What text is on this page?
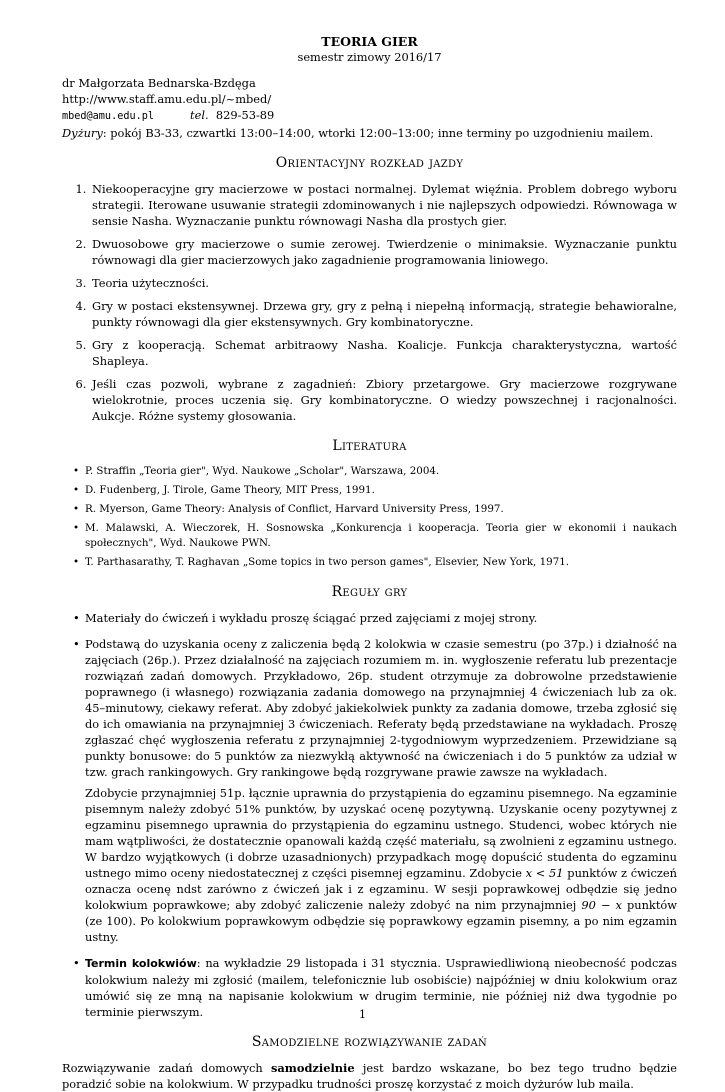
TEORIA GIER

semestr zimowy 2016/17

dr Małgorzata Bednarska-Bzdęga

http://www.staff.amu.edu.pl/~mbed/

mbed@amu.edu.pl	tel. 829-53-89

Dyżury: pokój B3-33, czwartki 13:00–14:00, wtorki 12:00–13:00; inne terminy po uzgodnieniu mailem.

Orientacyjny rozkład jazdy
1. Niekooperacyjne gry macierzowe w postaci normalnej. Dylemat więźnia. Problem dobrego wyboru strategii. Iterowane usuwanie strategii zdominowanych i nie najlepszych odpowiedzi. Równowaga w sensie Nasha. Wyznaczanie punktu równowagi Nasha dla prostych gier.
2. Dwuosobowe gry macierzowe o sumie zerowej. Twierdzenie o minimaksie. Wyznaczanie punktu równowagi dla gier macierzowych jako zagadnienie programowania liniowego.
3. Teoria użyteczności.
4. Gry w postaci ekstensywnej. Drzewa gry, gry z pełną i niepełną informacją, strategie behawioralne, punkty równowagi dla gier ekstensywnych. Gry kombinatoryczne.
5. Gry z kooperacją. Schemat arbitraowy Nasha. Koalicje. Funkcja charakterystyczna, wartość Shapleya.
6. Jeśli czas pozwoli, wybrane z zagadnień: Zbiory przetargowe. Gry macierzowe rozgrywane wielokrotnie, proces uczenia się. Gry kombinatoryczne. O wiedzy powszechnej i racjonalności. Aukcje. Różne systemy głosowania.
Literatura
• P. Straffin „Teoria gier", Wyd. Naukowe „Scholar", Warszawa, 2004.
• D. Fudenberg, J. Tirole, Game Theory, MIT Press, 1991.
• R. Myerson, Game Theory: Analysis of Conflict, Harvard University Press, 1997.
• M. Malawski, A. Wieczorek, H. Sosnowska „Konkurencja i kooperacja. Teoria gier w ekonomii i naukach społecznych", Wyd. Naukowe PWN.
• T. Parthasarathy, T. Raghavan „Some topics in two person games", Elsevier, New York, 1971.
Reguły gry
• Materiały do ćwiczeń i wykładu proszę ściągać przed zajęciami z mojej strony.

• Podstawą do uzyskania oceny z zaliczenia będą 2 kolokwia w czasie semestru (po 37p.) i działność na zajęciach (26p.). Przez działalność na zajęciach rozumiem m. in. wygłoszenie referatu lub prezentacje rozwiązań zadań domowych. Przykładowo, 26p. student otrzymuje za dobrowolne przedstawienie poprawnego (i własnego) rozwiązania zadania domowego na przynajmniej 4 ćwiczeniach lub za ok. 45–minutowy, ciekawy referat. Aby zdobyć jakiekolwiek punkty za zadania domowe, trzeba zgłosić się do ich omawiania na przynajmniej 3 ćwiczeniach. Referaty będą przedstawiane na wykładach. Proszę zgłaszać chęć wygłoszenia referatu z przynajmniej 2-tygodniowym wyprzedzeniem. Przewidziane są punkty bonusowe: do 5 punktów za niezwykłą aktywność na ćwiczeniach i do 5 punktów za udział w tzw. grach rankingowych. Gry rankingowe będą rozgrywane prawie zawsze na wykładach.

Zdobycie przynajmniej 51p. łącznie uprawnia do przystąpienia do egzaminu pisemnego. Na egzaminie pisemnym należy zdobyć 51% punktów, by uzyskać ocenę pozytywną. Uzyskanie oceny pozytywnej z egzaminu pisemnego uprawnia do przystąpienia do egzaminu ustnego. Studenci, wobec których nie mam wątpliwości, że dostatecznie opanowali każdą część materiału, są zwolnieni z egzaminu ustnego. W bardzo wyjątkowych (i dobrze uzasadnionych) przypadkach mogę dopuścić studenta do egzaminu ustnego mimo oceny niedostatecznej z części pisemnej egzaminu. Zdobycie x < 51 punktów z ćwiczeń oznacza ocenę ndst zarówno z ćwiczeń jak i z egzaminu. W sesji poprawkowej odbędzie się jedno kolokwium poprawkowe; aby zdobyć zaliczenie należy zdobyć na nim przynajmniej 90 − x punktów (ze 100). Po kolokwium poprawkowym odbędzie się poprawkowy egzamin pisemny, a po nim egzamin ustny.

• Termin kolokwiów: na wykładzie 29 listopada i 31 stycznia. Usprawiedliwioną nieobecność podczas kolokwium należy mi zgłosić (mailem, telefonicznie lub osobiście) najpóźniej w dniu kolokwium oraz umówić się ze mną na napisanie kolokwium w drugim terminie, nie później niż dwa tygodnie po terminie pierwszym.

Samodzielne rozwiązywanie zadań

Rozwiązywanie zadań domowych samodzielnie jest bardzo wskazane, bo bez tego trudno będzie poradzić sobie na kolokwium. W przypadku trudności proszę korzystać z moich dyżurów lub maila.

1
